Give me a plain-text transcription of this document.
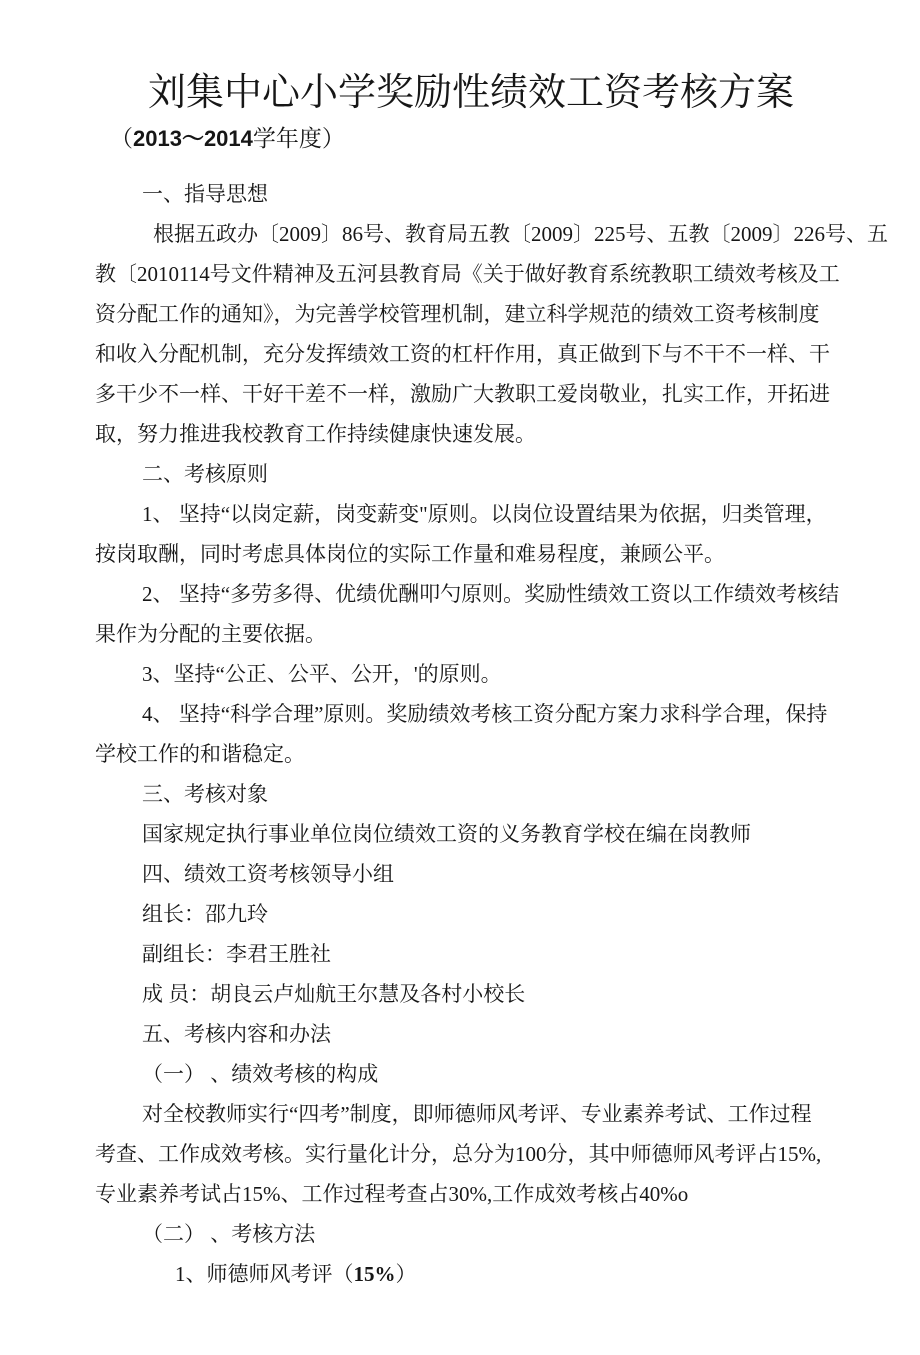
刘集中心小学奖励性绩效工资考核方案
（2013～2014学年度）
一、指导思想
根据五政办〔2009〕86号、教育局五教〔2009〕225号、五教〔2009〕226号、五
教〔2010114号文件精神及五河县教育局《关于做好教育系统教职工绩效考核及工
资分配工作的通知》，为完善学校管理机制，建立科学规范的绩效工资考核制度
和收入分配机制，充分发挥绩效工资的杠杆作用，真正做到下与不干不一样、干
多干少不一样、干好干差不一样，激励广大教职工爱岗敬业，扎实工作，开拓进
取，努力推进我校教育工作持续健康快速发展。
二、考核原则
1、 坚持“以岗定薪，岗变薪变"原则。以岗位设置结果为依据，归类管理，
按岗取酬，同时考虑具体岗位的实际工作量和难易程度，兼顾公平。
2、 坚持“多劳多得、优绩优酬叩勺原则。奖励性绩效工资以工作绩效考核结
果作为分配的主要依据。
3、坚持“公正、公平、公开，'的原则。
4、 坚持“科学合理”原则。奖励绩效考核工资分配方案力求科学合理，保持
学校工作的和谐稳定。
三、考核对象
国家规定执行事业单位岗位绩效工资的义务教育学校在编在岗教师
四、绩效工资考核领导小组
组长：邵九玲
副组长：李君王胜社
成 员：胡良云卢灿航王尔慧及各村小校长
五、考核内容和办法
（一） 、绩效考核的构成
对全校教师实行“四考”制度，即师德师风考评、专业素养考试、工作过程
考查、工作成效考核。实行量化计分，总分为100分，其中师德师风考评占15%,
专业素养考试占15%、工作过程考查占30%,工作成效考核占40%o
（二） 、考核方法
1、师德师风考评（15%）
